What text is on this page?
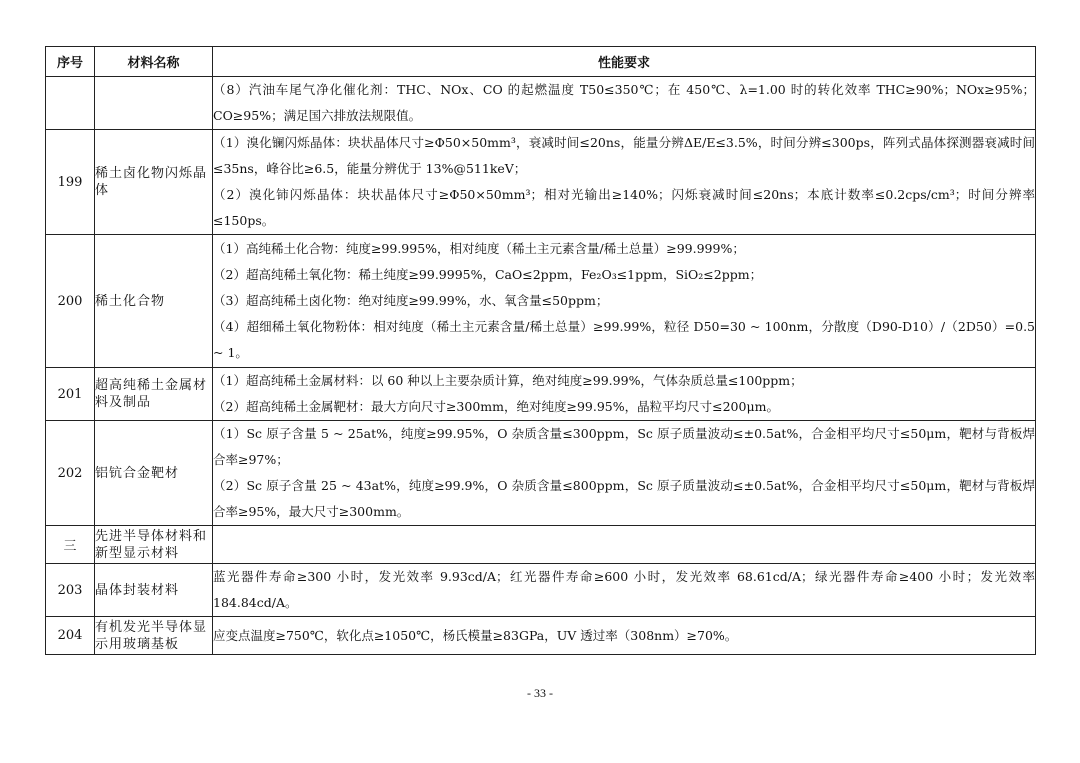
序号	材料名称	性能要求

		（8）汽油车尾气净化催化剂：THC、NOx、CO 的起燃温度 T50≤350℃；在 450℃、λ=1.00 时的转化效率 THC≥90%；NOx≥95%；CO≥95%；满足国六排放法规限值。

199	稀土卤化物闪烁晶体	（1）溴化镧闪烁晶体：块状晶体尺寸≥Φ50×50mm³，衰减时间≤20ns，能量分辨ΔE/E≤3.5%，时间分辨≤300ps，阵列式晶体探测器衰减时间≤35ns，峰谷比≥6.5，能量分辨优于 13%@511keV；
（2）溴化铈闪烁晶体：块状晶体尺寸≥Φ50×50mm³；相对光输出≥140%；闪烁衰减时间≤20ns；本底计数率≤0.2cps/cm³；时间分辨率≤150ps。

200	稀土化合物	（1）高纯稀土化合物：纯度≥99.995%，相对纯度（稀土主元素含量/稀土总量）≥99.999%；
（2）超高纯稀土氧化物：稀土纯度≥99.9995%，CaO≤2ppm，Fe₂O₃≤1ppm，SiO₂≤2ppm；
（3）超高纯稀土卤化物：绝对纯度≥99.99%，水、氧含量≤50ppm；
（4）超细稀土氧化物粉体：相对纯度（稀土主元素含量/稀土总量）≥99.99%，粒径 D50=30 ~ 100nm，分散度（D90-D10）/（2D50）=0.5 ~ 1。

201	超高纯稀土金属材料及制品	（1）超高纯稀土金属材料：以 60 种以上主要杂质计算，绝对纯度≥99.99%，气体杂质总量≤100ppm；
（2）超高纯稀土金属靶材：最大方向尺寸≥300mm，绝对纯度≥99.95%，晶粒平均尺寸≤200μm。

202	铝钪合金靶材	（1）Sc 原子含量 5 ~ 25at%，纯度≥99.95%，O 杂质含量≤300ppm，Sc 原子质量波动≤±0.5at%，合金相平均尺寸≤50μm，靶材与背板焊合率≥97%；
（2）Sc 原子含量 25 ~ 43at%，纯度≥99.9%，O 杂质含量≤800ppm，Sc 原子质量波动≤±0.5at%，合金相平均尺寸≤50μm，靶材与背板焊合率≥95%，最大尺寸≥300mm。

三	先进半导体材料和新型显示材料	

203	晶体封装材料	蓝光器件寿命≥300 小时，发光效率 9.93cd/A；红光器件寿命≥600 小时，发光效率 68.61cd/A；绿光器件寿命≥400 小时；发光效率 184.84cd/A。

204	有机发光半导体显示用玻璃基板	应变点温度≥750℃，软化点≥1050℃，杨氏模量≥83GPa，UV 透过率（308nm）≥70%。
- 33 -
